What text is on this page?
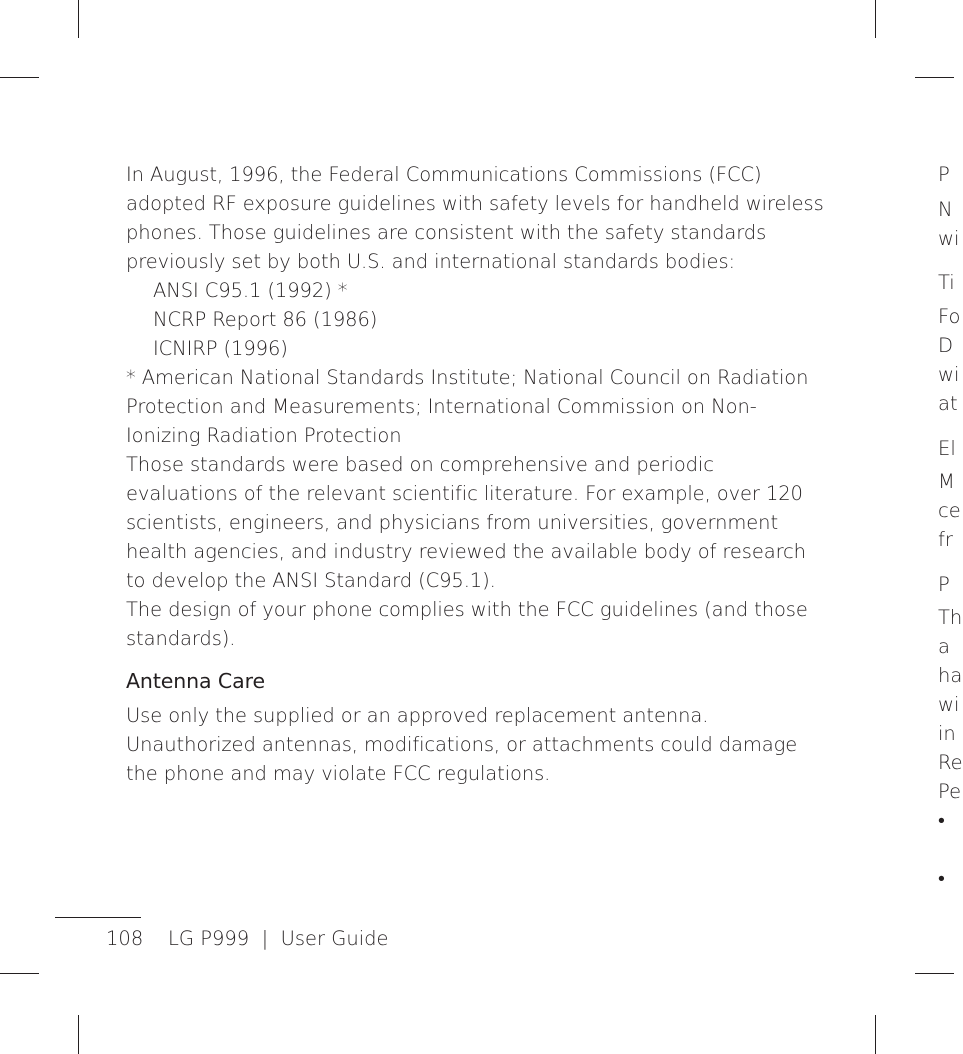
In August, 1996, the Federal Communications Commissions (FCC) adopted RF exposure guidelines with safety levels for handheld wireless phones. Those guidelines are consistent with the safety standards previously set by both U.S. and international standards bodies:

ANSI C95.1 (1992) *

NCRP Report 86 (1986)

ICNIRP (1996)

* American National Standards Institute; National Council on Radiation Protection and Measurements; International Commission on Non-Ionizing Radiation Protection

Those standards were based on comprehensive and periodic evaluations of the relevant scientific literature. For example, over 120 scientists, engineers, and physicians from universities, government health agencies, and industry reviewed the available body of research to develop the ANSI Standard (C95.1).

The design of your phone complies with the FCC guidelines (and those standards).

Antenna Care

Use only the supplied or an approved replacement antenna. Unauthorized antennas, modifications, or attachments could damage the phone and may violate FCC regulations.

108 LG P999 | User Guide
P
N
wi
Ti
Fo
D
wi
at
El
M
ce
fr
P
Th
a
ha
wi
in
Re
Pe
•
•
